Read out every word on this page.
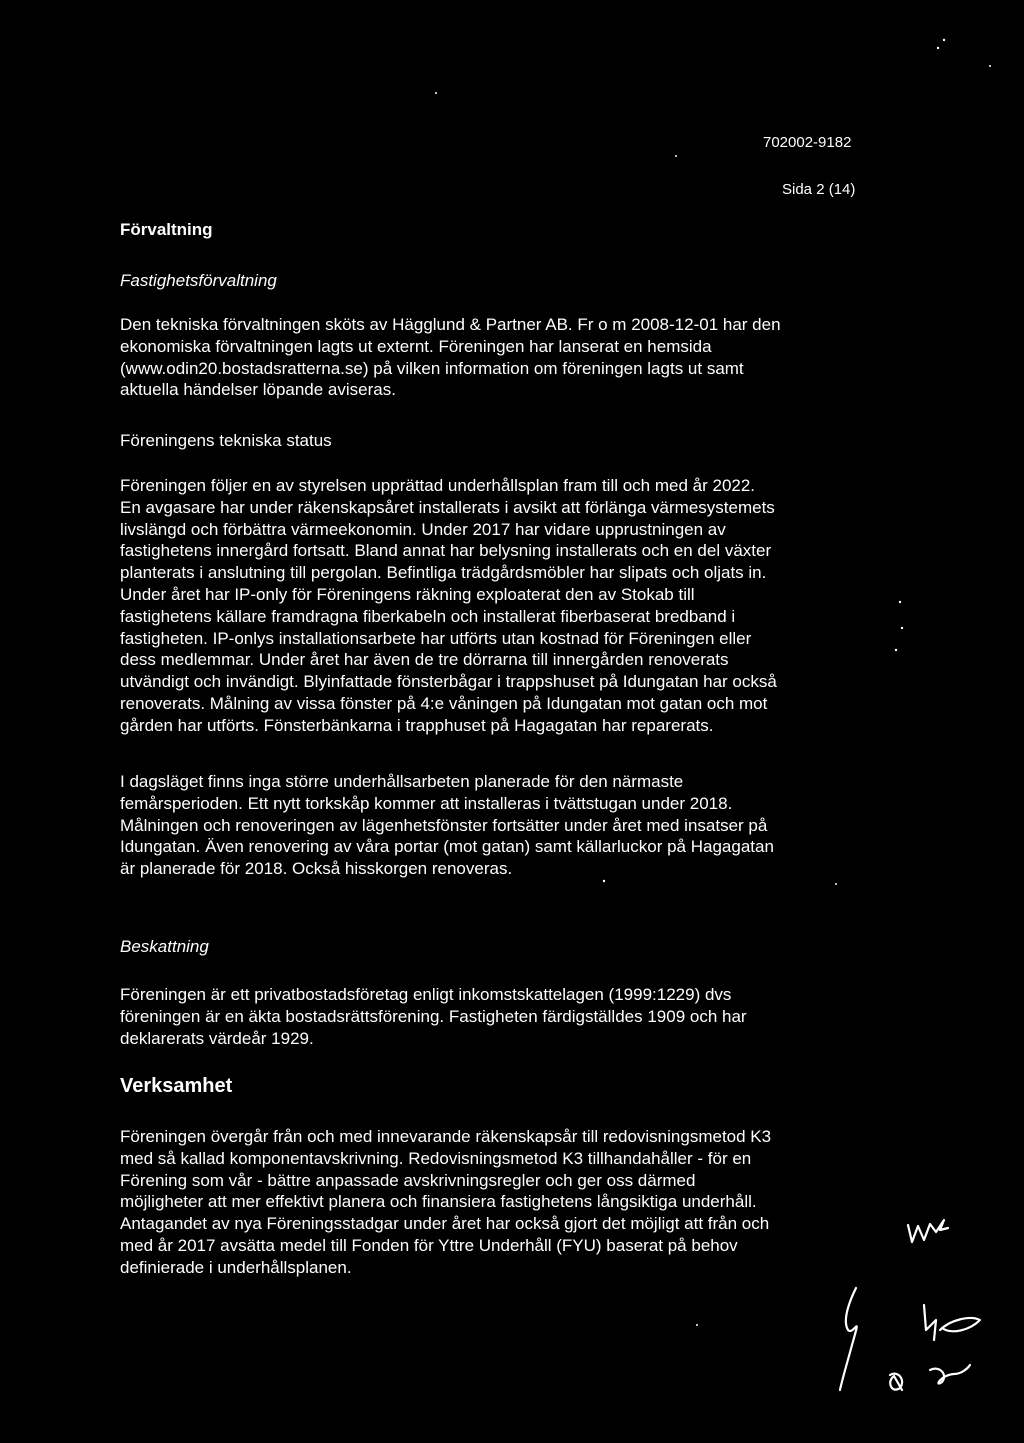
702002-9182
Sida 2 (14)
Förvaltning
Fastighetsförvaltning
Den tekniska förvaltningen sköts av Hägglund & Partner AB. Fr o m 2008-12-01 har den
ekonomiska förvaltningen lagts ut externt. Föreningen har lanserat en hemsida
(www.odin20.bostadsratterna.se) på vilken information om föreningen lagts ut samt
aktuella händelser löpande aviseras.
Föreningens tekniska status
Föreningen följer en av styrelsen upprättad underhållsplan fram till och med år 2022.
En avgasare har under räkenskapsåret installerats i avsikt att förlänga värmesystemets
livslängd och förbättra värmeekonomin. Under 2017 har vidare upprustningen av
fastighetens innergård fortsatt. Bland annat har belysning installerats och en del växter
planterats i anslutning till pergolan. Befintliga trädgårdsmöbler har slipats och oljats in.
Under året har IP-only för Föreningens räkning exploaterat den av Stokab till
fastighetens källare framdragna fiberkabeln och installerat fiberbaserat bredband i
fastigheten. IP-onlys installationsarbete har utförts utan kostnad för Föreningen eller
dess medlemmar. Under året har även de tre dörrarna till innergården renoverats
utvändigt och invändigt. Blyinfattade fönsterbågar i trappshuset på Idungatan har också
renoverats. Målning av vissa fönster på 4:e våningen på Idungatan mot gatan och mot
gården har utförts. Fönsterbänkarna i trapphuset på Hagagatan har reparerats.
I dagsläget finns inga större underhållsarbeten planerade för den närmaste
femårsperioden. Ett nytt torkskåp kommer att installeras i tvättstugan under 2018.
Målningen och renoveringen av lägenhetsfönster fortsätter under året med insatser på
Idungatan. Även renovering av våra portar (mot gatan) samt källarluckor på Hagagatan
är planerade för 2018. Också hisskorgen renoveras.
Beskattning
Föreningen är ett privatbostadsföretag enligt inkomstskattelagen (1999:1229) dvs
föreningen är en äkta bostadsrättsförening. Fastigheten färdigställdes 1909 och har
deklarerats värdeår 1929.
Verksamhet
Föreningen övergår från och med innevarande räkenskapsår till redovisningsmetod K3
med så kallad komponentavskrivning. Redovisningsmetod K3 tillhandahåller - för en
Förening som vår - bättre anpassade avskrivningsregler och ger oss därmed
möjligheter att mer effektivt planera och finansiera fastighetens långsiktiga underhåll.
Antagandet av nya Föreningsstadgar under året har också gjort det möjligt att från och
med år 2017 avsätta medel till Fonden för Yttre Underhåll (FYU) baserat på behov
definierade i underhållsplanen.
